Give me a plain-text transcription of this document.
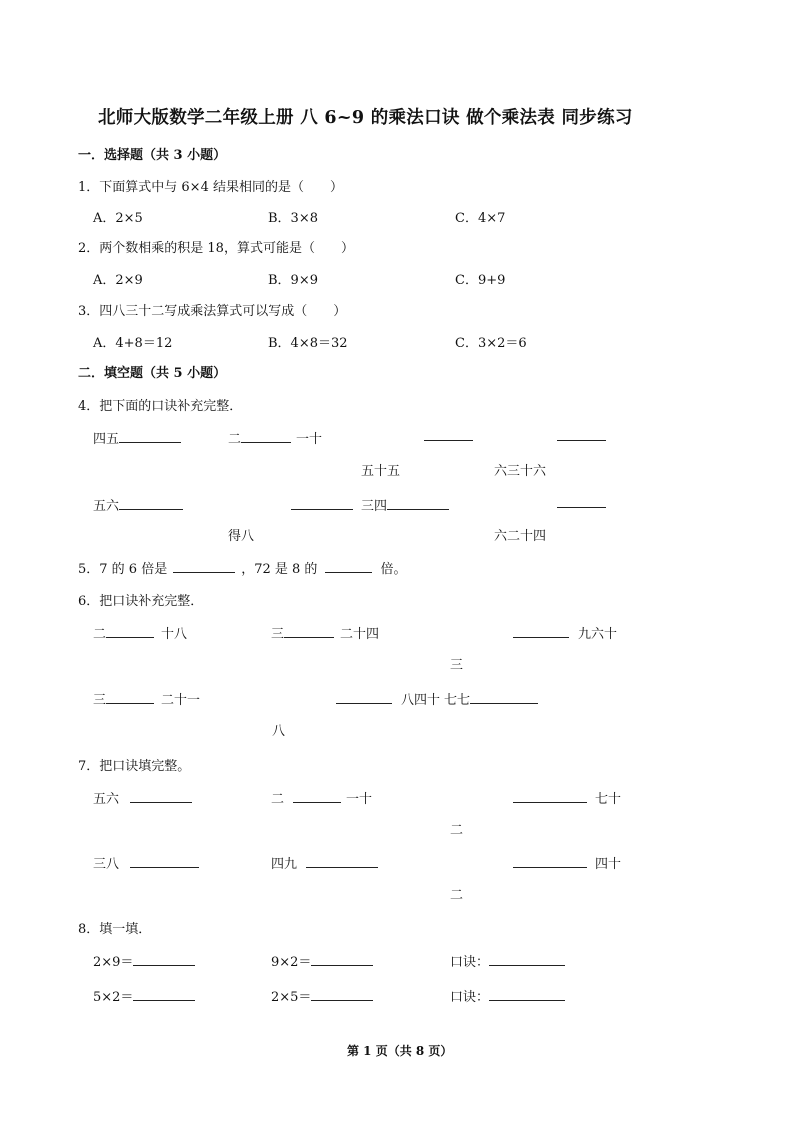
北师大版数学二年级上册 八 6~9 的乘法口诀 做个乘法表 同步练习
一．选择题（共 3 小题）
1．下面算式中与 6×4 结果相同的是（　　）
A．2×5	B．3×8	C．4×7
2．两个数相乘的积是 18，算式可能是（　　）
A．2×9	B．9×9	C．9+9
3．四八三十二写成乘法算式可以写成（　　）
A．4+8＝12	B．4×8＝32	C．3×2＝6
二．填空题（共 5 小题）
4．把下面的口诀补充完整．
四五	二	一十
五十五	六三十六
五六	三四
得八	六二十四
5．7 的 6 倍是	，72 是 8 的	倍。
6．把口诀补充完整．
二	十八	三	二十四	九六十
三
三	二十一	八四十 七七
八
7．把口诀填完整。
五六	二	一十	七十
二
三八	四九	四十
二
8．填一填．
2×9＝	9×2＝	口诀：
5×2＝	2×5＝	口诀：
第 1 页（共 8 页）
